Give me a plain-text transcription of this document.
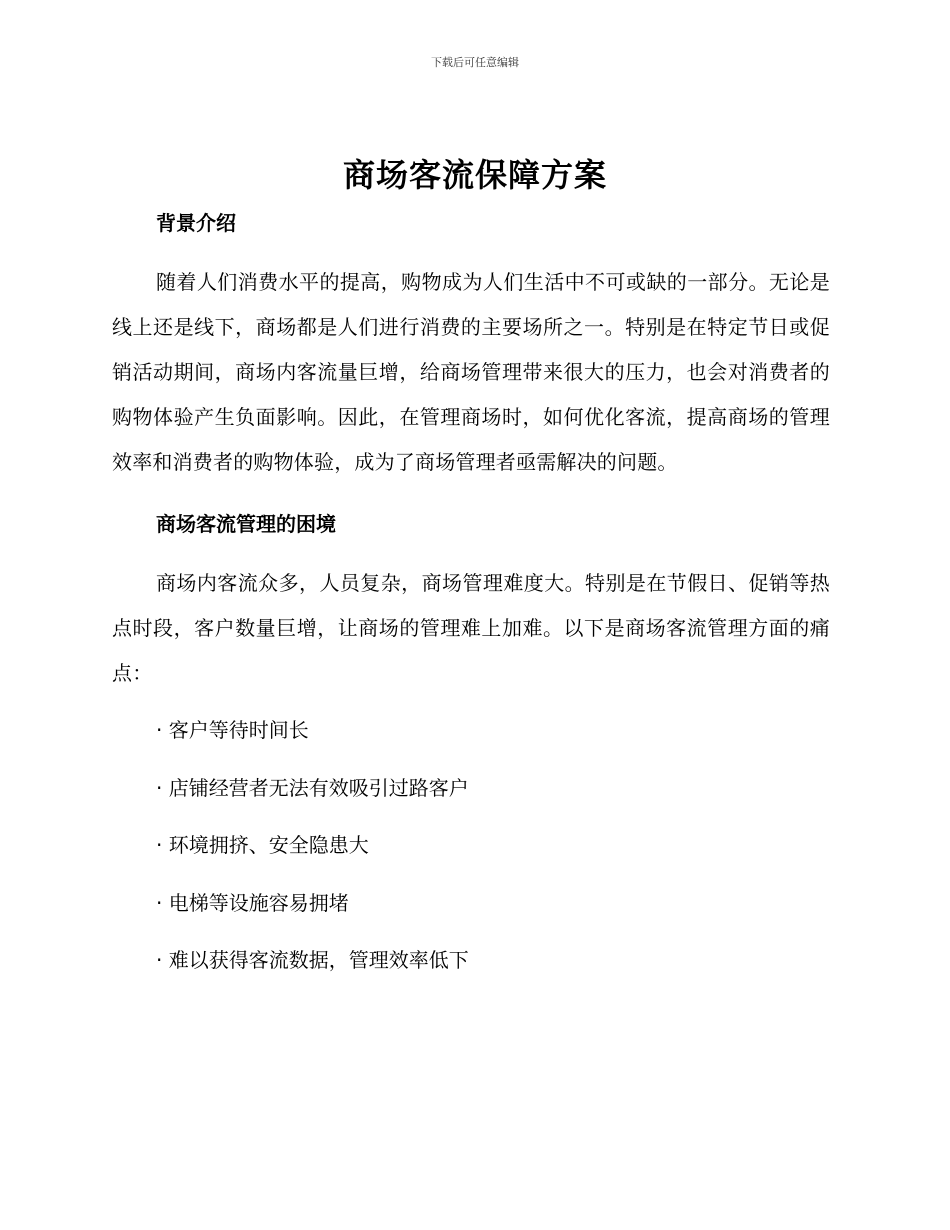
下载后可任意编辑
商场客流保障方案
背景介绍

随着人们消费水平的提高，购物成为人们生活中不可或缺的一部分。无论是线上还是线下，商场都是人们进行消费的主要场所之一。特别是在特定节日或促销活动期间，商场内客流量巨增，给商场管理带来很大的压力，也会对消费者的购物体验产生负面影响。因此，在管理商场时，如何优化客流，提高商场的管理效率和消费者的购物体验，成为了商场管理者亟需解决的问题。

商场客流管理的困境

商场内客流众多，人员复杂，商场管理难度大。特别是在节假日、促销等热点时段，客户数量巨增，让商场的管理难上加难。以下是商场客流管理方面的痛点：

· 客户等待时间长
· 店铺经营者无法有效吸引过路客户
· 环境拥挤、安全隐患大
· 电梯等设施容易拥堵
· 难以获得客流数据，管理效率低下
